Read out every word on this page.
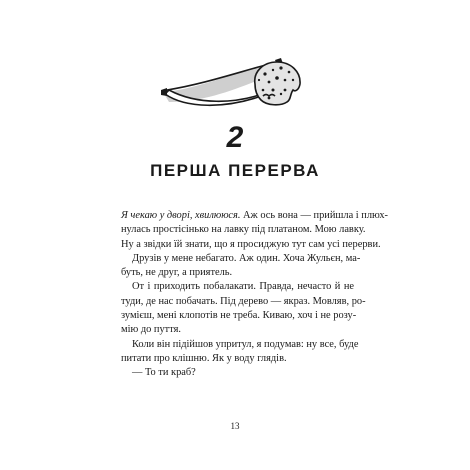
2
ПЕРША ПЕРЕРВА
Я чекаю у дворі, хвилююся. Аж ось вона — прийшла і плюх-
нулась простісінько на лавку під платаном. Мою лавку.
Ну а звідки їй знати, що я просиджую тут сам усі перерви.
Друзів у мене небагато. Аж один. Хоча Жульєн, ма-
буть, не друг, а приятель.
От і приходить побалакати. Правда, нечасто й не
туди, де нас побачать. Під дерево — якраз. Мовляв, ро-
зумієш, мені клопотів не треба. Киваю, хоч і не розу-
мію до пуття.
Коли він підійшов упритул, я подумав: ну все, буде
питати про клішню. Як у воду глядів.
— То ти краб?
13
